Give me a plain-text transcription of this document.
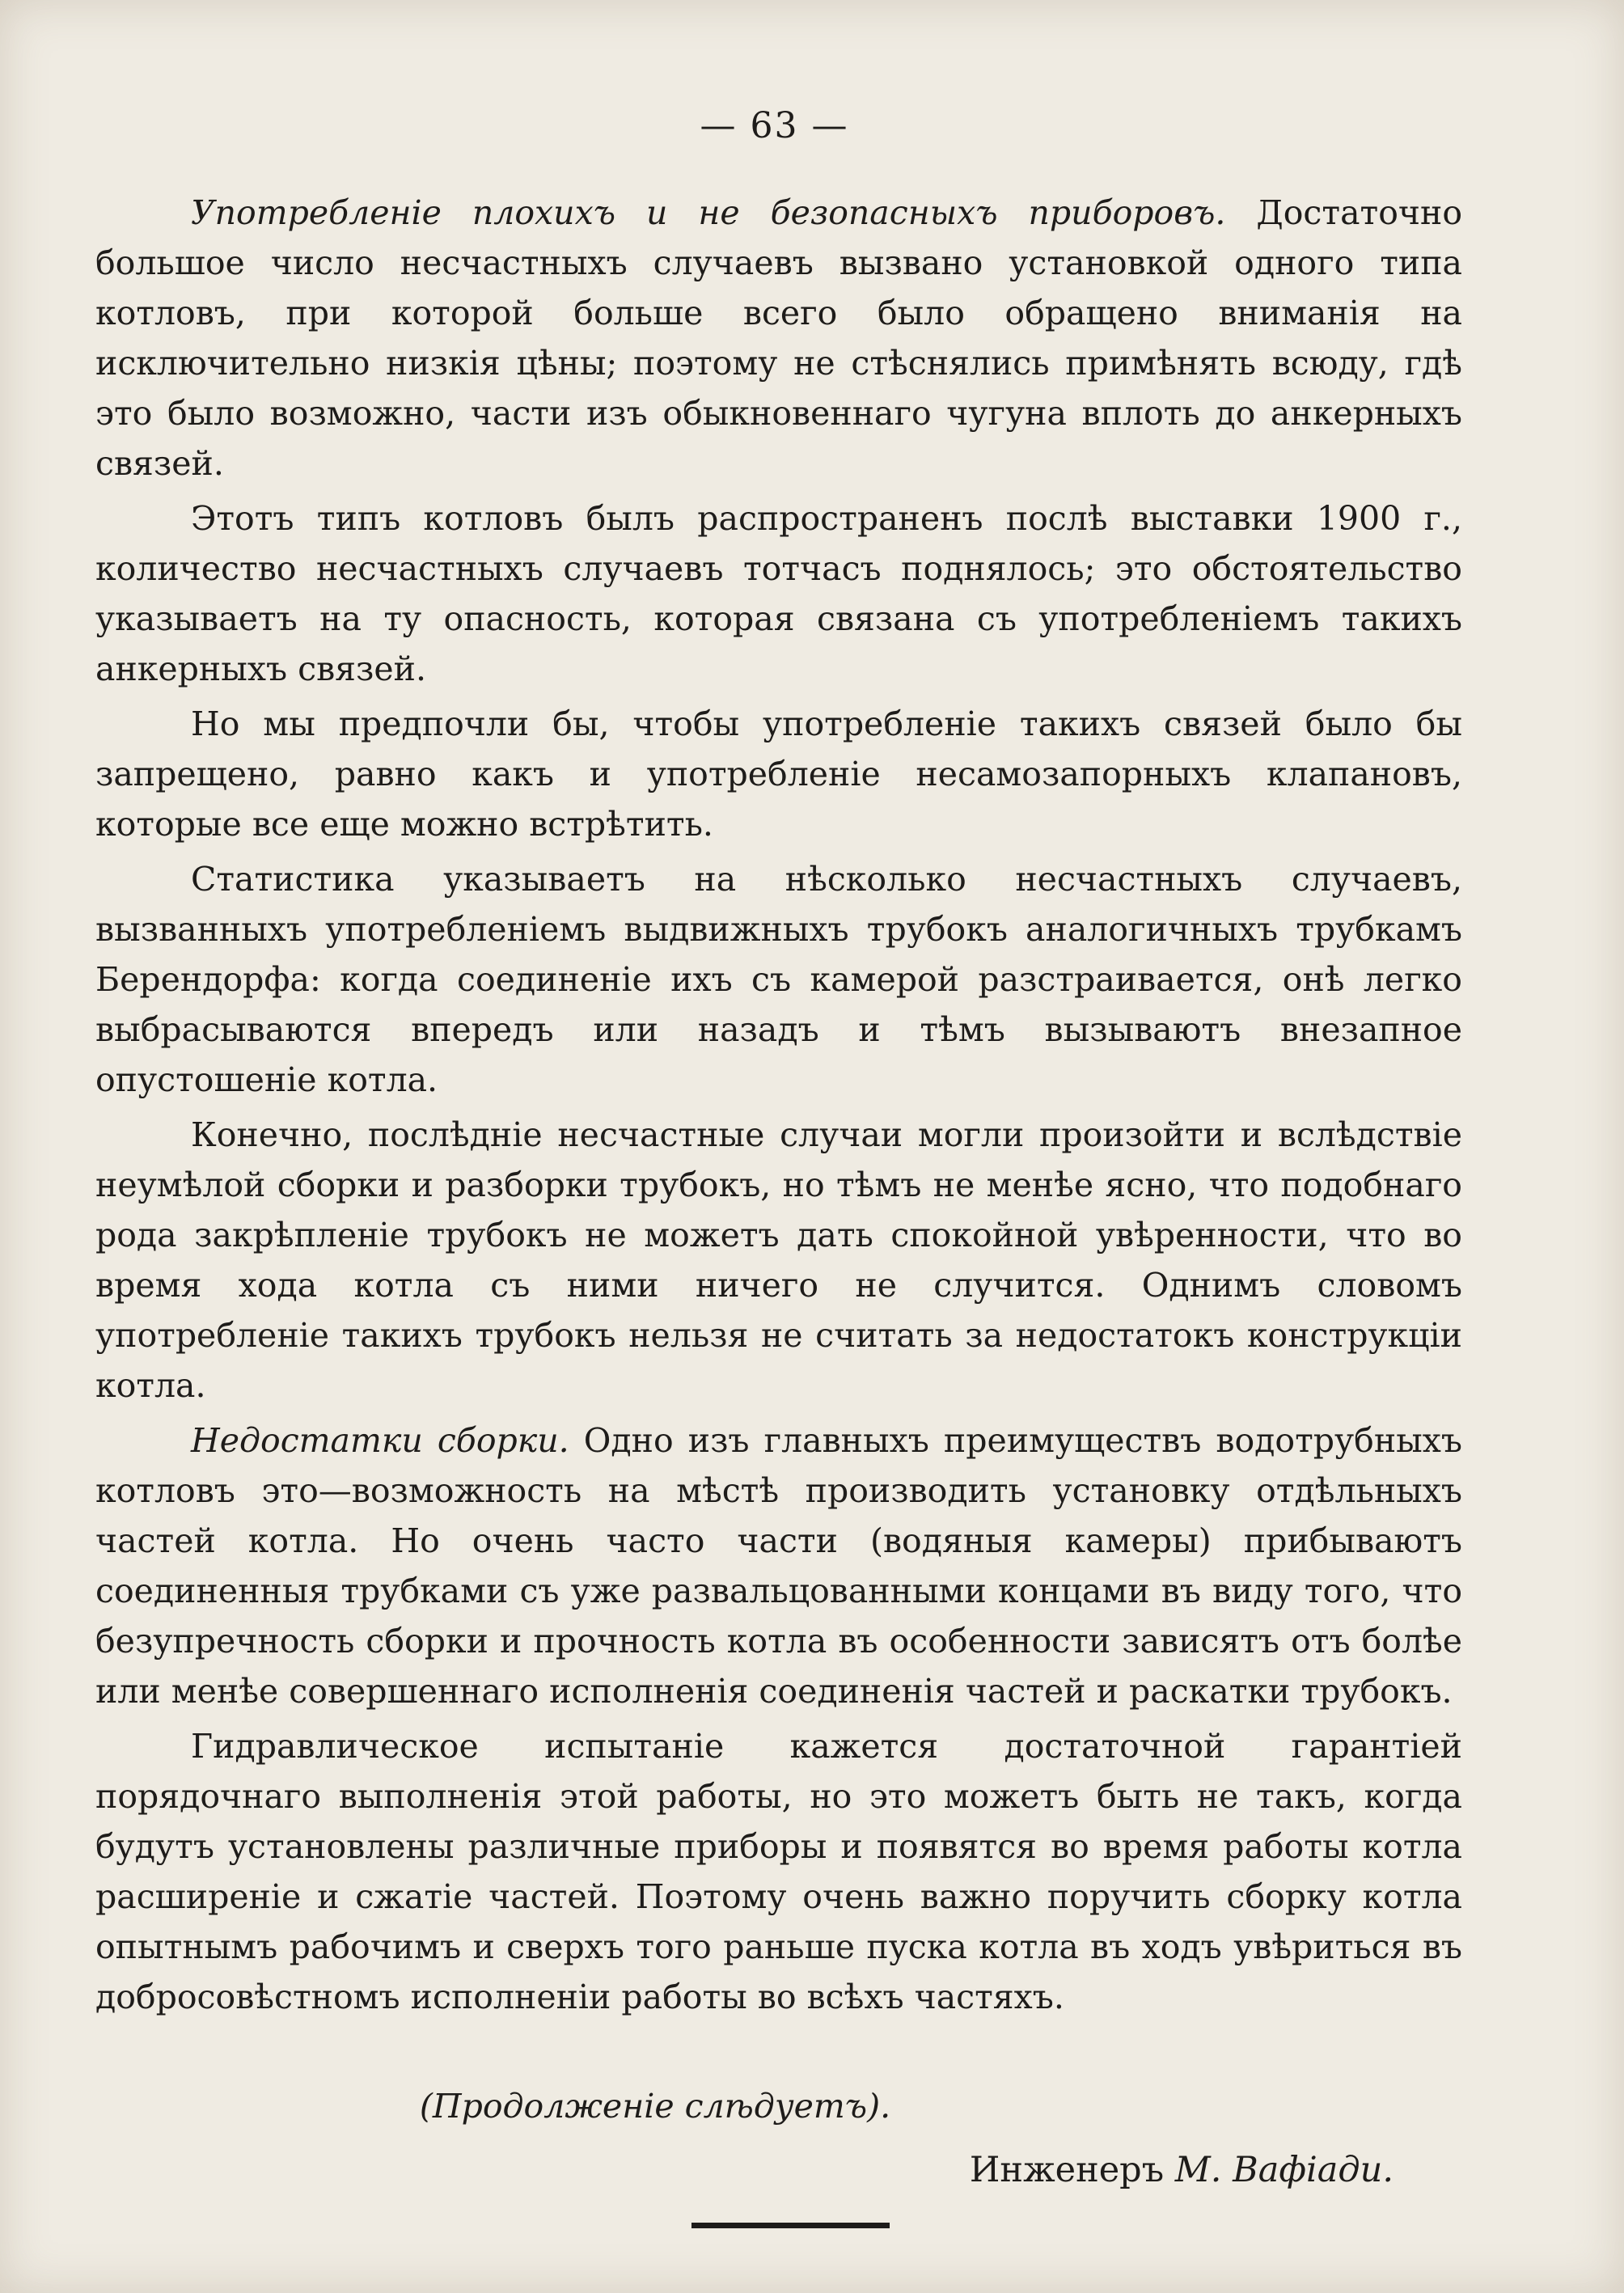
— 63 —

Употребленіе плохихъ и не безопасныхъ приборовъ. Достаточно большое число несчастныхъ случаевъ вызвано установкой одного типа котловъ, при которой больше всего было обращено вниманія на исключительно низкія цѣны; поэтому не стѣснялись примѣнять всюду, гдѣ это было возможно, части изъ обыкновеннаго чугуна вплоть до анкерныхъ связей.

Этотъ типъ котловъ былъ распространенъ послѣ выставки 1900 г., количество несчастныхъ случаевъ тотчасъ поднялось; это обстоятельство указываетъ на ту опасность, которая связана съ употребленіемъ такихъ анкерныхъ связей.

Но мы предпочли бы, чтобы употребленіе такихъ связей было бы запрещено, равно какъ и употребленіе несамозапорныхъ клапановъ, которые все еще можно встрѣтить.

Статистика указываетъ на нѣсколько несчастныхъ случаевъ, вызванныхъ употребленіемъ выдвижныхъ трубокъ аналогичныхъ трубкамъ Берендорфа: когда соединеніе ихъ съ камерой разстраивается, онѣ легко выбрасываются впередъ или назадъ и тѣмъ вызываютъ внезапное опустошеніе котла.

Конечно, послѣдніе несчастные случаи могли произойти и вслѣдствіе неумѣлой сборки и разборки трубокъ, но тѣмъ не менѣе ясно, что подобнаго рода закрѣпленіе трубокъ не можетъ дать спокойной увѣренности, что во время хода котла съ ними ничего не случится. Однимъ словомъ употребленіе такихъ трубокъ нельзя не считать за недостатокъ конструкціи котла.

Недостатки сборки. Одно изъ главныхъ преимуществъ водотрубныхъ котловъ это—возможность на мѣстѣ производить установку отдѣльныхъ частей котла. Но очень часто части (водяныя камеры) прибываютъ соединенныя трубками съ уже развальцованными концами въ виду того, что безупречность сборки и прочность котла въ особенности зависятъ отъ болѣе или менѣе совершеннаго исполненія соединенія частей и раскатки трубокъ.

Гидравлическое испытаніе кажется достаточной гарантіей порядочнаго выполненія этой работы, но это можетъ быть не такъ, когда будутъ установлены различные приборы и появятся во время работы котла расширеніе и сжатіе частей. Поэтому очень важно поручить сборку котла опытнымъ рабочимъ и сверхъ того раньше пуска котла въ ходъ увѣриться въ добросовѣстномъ исполненіи работы во всѣхъ частяхъ.

(Продолженіе слѣдуетъ).
Инженеръ М. Вафіади.
